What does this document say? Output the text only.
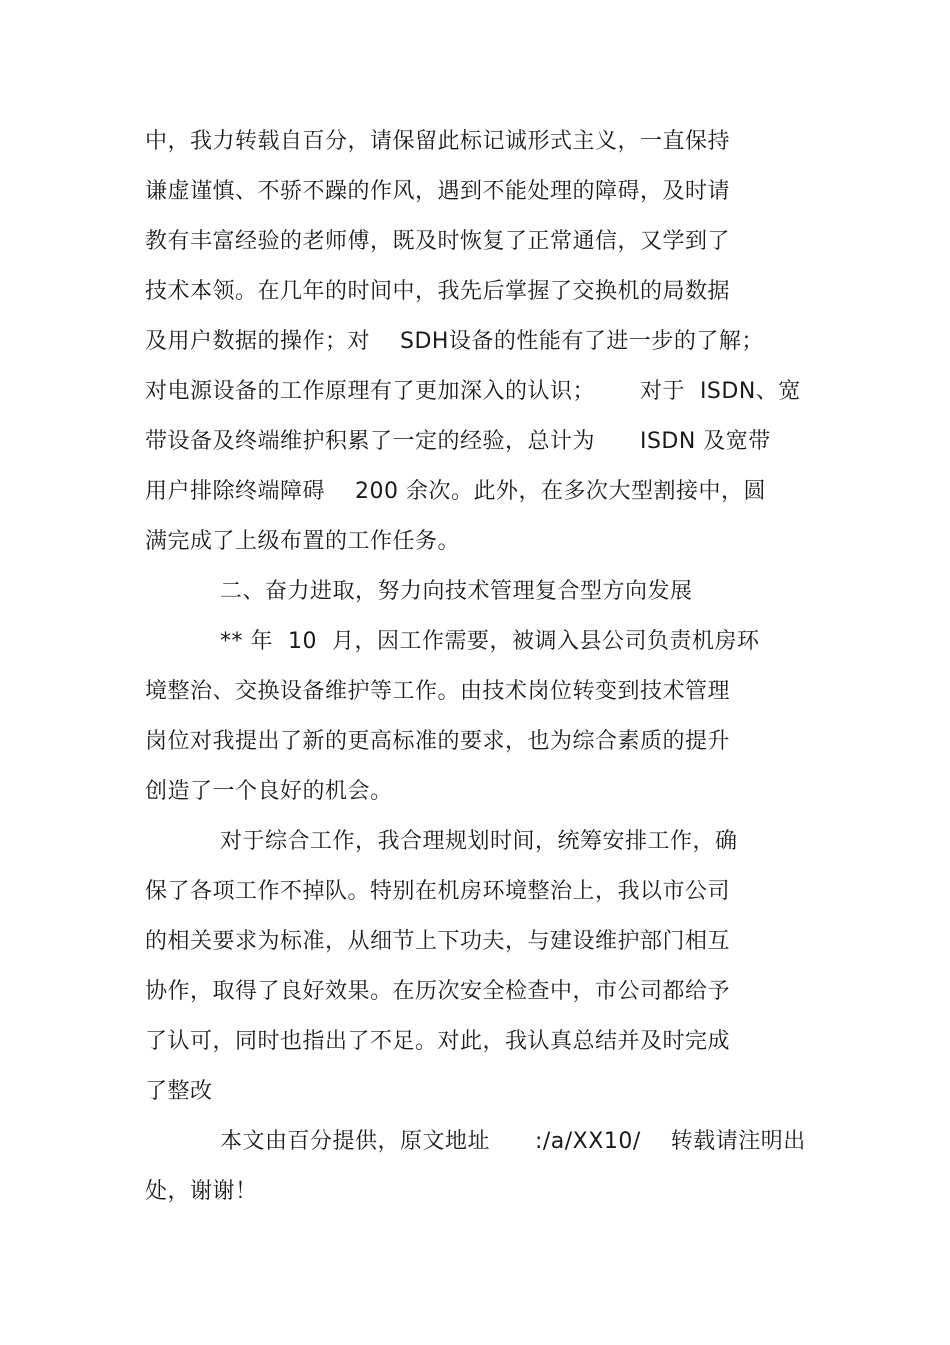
中，我力转载自百分，请保留此标记诚形式主义，一直保持
谦虚谨慎、不骄不躁的作风，遇到不能处理的障碍，及时请
教有丰富经验的老师傅，既及时恢复了正常通信，又学到了
技术本领。在几年的时间中，我先后掌握了交换机的局数据
及用户数据的操作；对    SDH设备的性能有了进一步的了解；
对电源设备的工作原理有了更加深入的认识；      对于  ISDN、宽
带设备及终端维护积累了一定的经验，总计为      ISDN 及宽带
用户排除终端障碍    200 余次。此外，在多次大型割接中，圆
满完成了上级布置的工作任务。
二、奋力进取，努力向技术管理复合型方向发展
** 年  10  月，因工作需要，被调入县公司负责机房环
境整治、交换设备维护等工作。由技术岗位转变到技术管理
岗位对我提出了新的更高标准的要求，也为综合素质的提升
创造了一个良好的机会。
对于综合工作，我合理规划时间，统筹安排工作，确
保了各项工作不掉队。特别在机房环境整治上，我以市公司
的相关要求为标准，从细节上下功夫，与建设维护部门相互
协作，取得了良好效果。在历次安全检查中，市公司都给予
了认可，同时也指出了不足。对此，我认真总结并及时完成
了整改
本文由百分提供，原文地址      :/a/XX10/    转载请注明出
处，谢谢！
